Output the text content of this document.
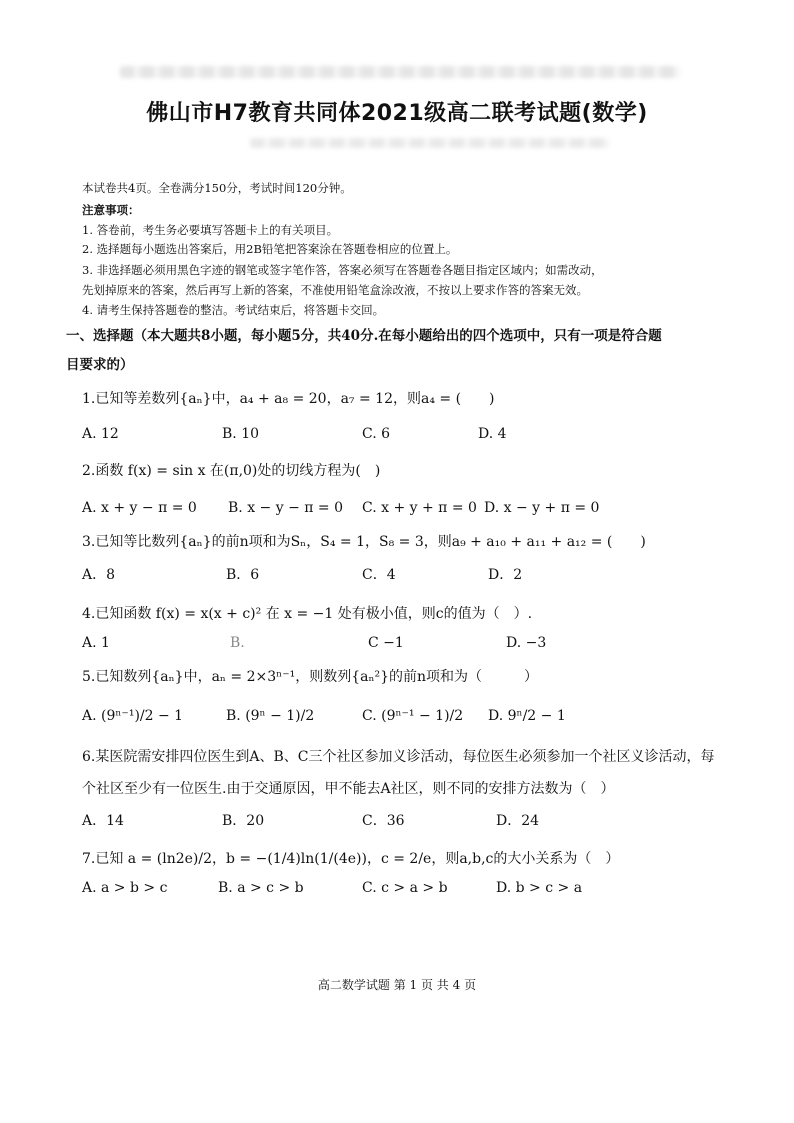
佛山市H7教育共同体2021级高二联考试题(数学)
本试卷共4页。全卷满分150分，考试时间120分钟。
注意事项：
1. 答卷前，考生务必要填写答题卡上的有关项目。
2. 选择题每小题选出答案后，用2B铅笔把答案涂在答题卷相应的位置上。
3. 非选择题必须用黑色字迹的钢笔或签字笔作答，答案必须写在答题卷各题目指定区域内；如需改动，
先划掉原来的答案，然后再写上新的答案，不准使用铅笔盒涂改液，不按以上要求作答的答案无效。
4. 请考生保持答题卷的整洁。考试结束后，将答题卡交回。
一、选择题（本大题共8小题，每小题5分，共40分.在每小题给出的四个选项中，只有一项是符合题
目要求的）
1.已知等差数列{aₙ}中，a₄ + a₈ = 20，a₇ = 12，则a₄ = (　　)
A. 12	B. 10	C. 6	D. 4
2.函数 f(x) = sin x 在(π,0)处的切线方程为(　)
A. x + y − π = 0 B. x − y − π = 0 C. x + y + π = 0 D. x − y + π = 0
3.已知等比数列{aₙ}的前n项和为Sₙ，S₄ = 1，S₈ = 3，则a₉ + a₁₀ + a₁₁ + a₁₂ = (　　)
A．8	B．6	C．4	D．2
4.已知函数 f(x) = x(x + c)² 在 x = −1 处有极小值，则c的值为（　）.
A. 1	B.	C −1	D. −3
5.已知数列{aₙ}中，aₙ = 2×3ⁿ⁻¹，则数列{aₙ²}的前n项和为（　　　）
A. (9ⁿ⁻¹)/2 − 1	B. (9ⁿ − 1)/2	C. (9ⁿ⁻¹ − 1)/2 D. 9ⁿ/2 − 1
6.某医院需安排四位医生到A、B、C三个社区参加义诊活动，每位医生必须参加一个社区义诊活动，每
个社区至少有一位医生.由于交通原因，甲不能去A社区，则不同的安排方法数为（　）
A．14	B．20	C．36	D．24
7.已知 a = (ln2e)/2，b = −(1/4)ln(1/(4e))，c = 2/e，则a,b,c的大小关系为（　）
A. a > b > c	B. a > c > b	C. c > a > b	D. b > c > a
高二数学试题 第 1 页 共 4 页
